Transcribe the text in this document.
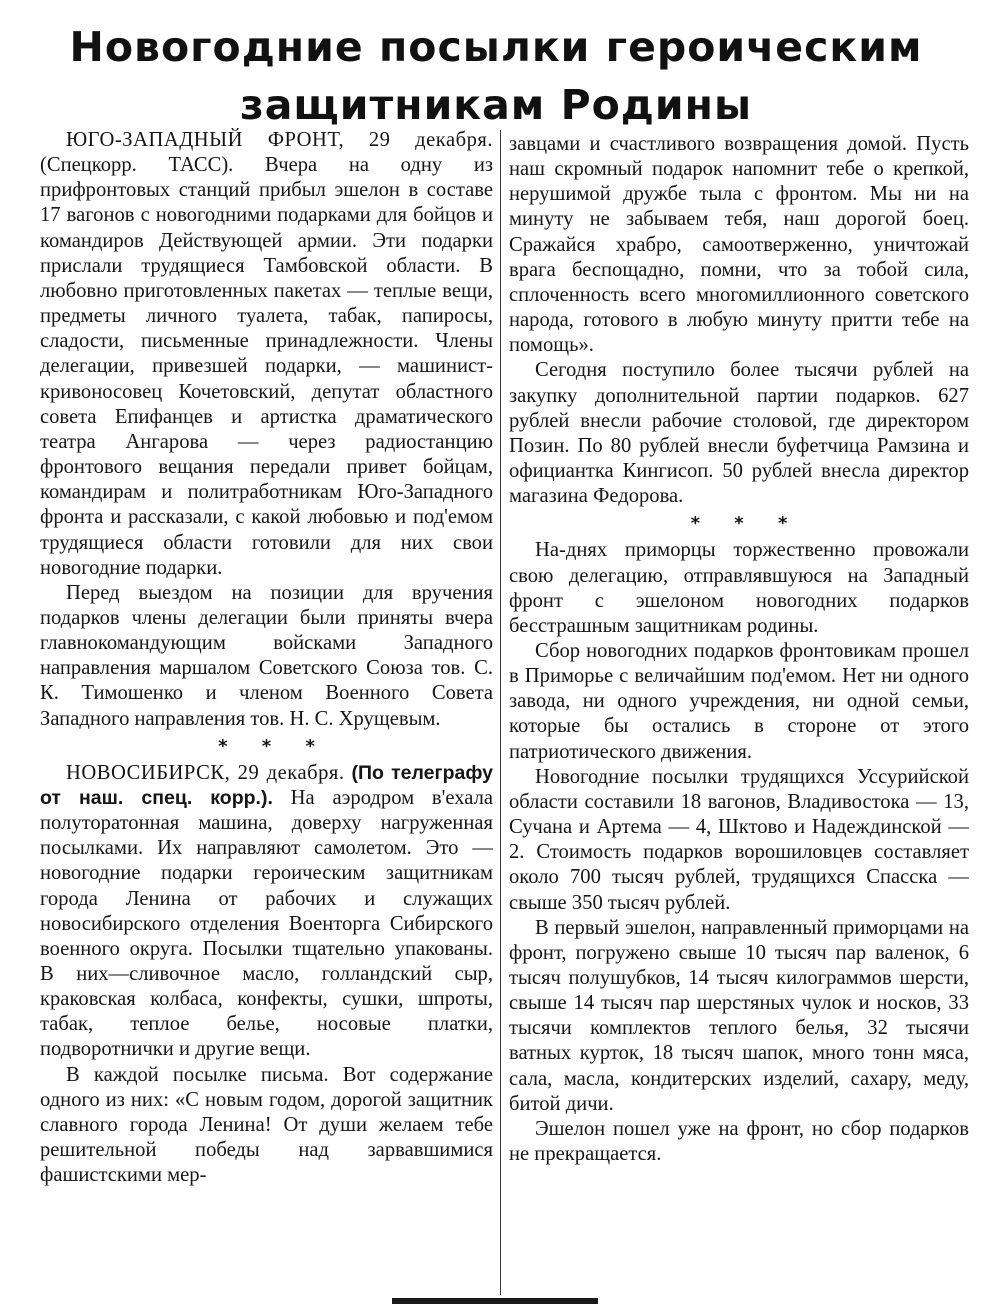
Новогодние посылки героическим
защитникам Родины

ЮГО-ЗАПАДНЫЙ ФРОНТ, 29 декабря. (Спецкорр. ТАСС). Вчера на одну из прифронтовых станций прибыл эшелон в составе 17 вагонов с новогодними подарками для бойцов и командиров Действующей армии. Эти подарки прислали трудящиеся Тамбовской области. В любовно приготовленных пакетах — теплые вещи, предметы личного туалета, табак, папиросы, сладости, письменные принадлежности. Члены делегации, привезшей подарки, — машинист-кривоносовец Кочетовский, депутат областного совета Епифанцев и артистка драматического театра Ангарова — через радиостанцию фронтового вещания передали привет бойцам, командирам и политработникам Юго-Западного фронта и рассказали, с какой любовью и под'емом трудящиеся области готовили для них свои новогодние подарки.

Перед выездом на позиции для вручения подарков члены делегации были приняты вчера главнокомандующим войсками Западного направления маршалом Советского Союза тов. С. К. Тимошенко и членом Военного Совета Западного направления тов. Н. С. Хрущевым.

* * *

НОВОСИБИРСК, 29 декабря. (По телеграфу от наш. спец. корр.). На аэродром в'ехала полуторатонная машина, доверху нагруженная посылками. Их направляют самолетом. Это — новогодние подарки героическим защитникам города Ленина от рабочих и служащих новосибирского отделения Военторга Сибирского военного округа. Посылки тщательно упакованы. В них—сливочное масло, голландский сыр, краковская колбаса, конфекты, сушки, шпроты, табак, теплое белье, носовые платки, подворотнички и другие вещи.

В каждой посылке письма. Вот содержание одного из них: «С новым годом, дорогой защитник славного города Ленина! От души желаем тебе решительной победы над зарвавшимися фашистскими мер-

завцами и счастливого возвращения домой. Пусть наш скромный подарок напомнит тебе о крепкой, нерушимой дружбе тыла с фронтом. Мы ни на минуту не забываем тебя, наш дорогой боец. Сражайся храбро, самоотверженно, уничтожай врага беспощадно, помни, что за тобой сила, сплоченность всего многомиллионного советского народа, готового в любую минуту притти тебе на помощь».

Сегодня поступило более тысячи рублей на закупку дополнительной партии подарков. 627 рублей внесли рабочие столовой, где директором Позин. По 80 рублей внесли буфетчица Рамзина и официантка Кингисоп. 50 рублей внесла директор магазина Федорова.

* * *

На-днях приморцы торжественно провожали свою делегацию, отправлявшуюся на Западный фронт с эшелоном новогодних подарков бесстрашным защитникам родины.

Сбор новогодних подарков фронтовикам прошел в Приморье с величайшим под'емом. Нет ни одного завода, ни одного учреждения, ни одной семьи, которые бы остались в стороне от этого патриотического движения.

Новогодние посылки трудящихся Уссурийской области составили 18 вагонов, Владивостока — 13, Сучана и Артема — 4, Шктово и Надеждинской — 2. Стоимость подарков ворошиловцев составляет около 700 тысяч рублей, трудящихся Спасска — свыше 350 тысяч рублей.

В первый эшелон, направленный приморцами на фронт, погружено свыше 10 тысяч пар валенок, 6 тысяч полушубков, 14 тысяч килограммов шерсти, свыше 14 тысяч пар шерстяных чулок и носков, 33 тысячи комплектов теплого белья, 32 тысячи ватных курток, 18 тысяч шапок, много тонн мяса, сала, масла, кондитерских изделий, сахару, меду, битой дичи.

Эшелон пошел уже на фронт, но сбор подарков не прекращается.
